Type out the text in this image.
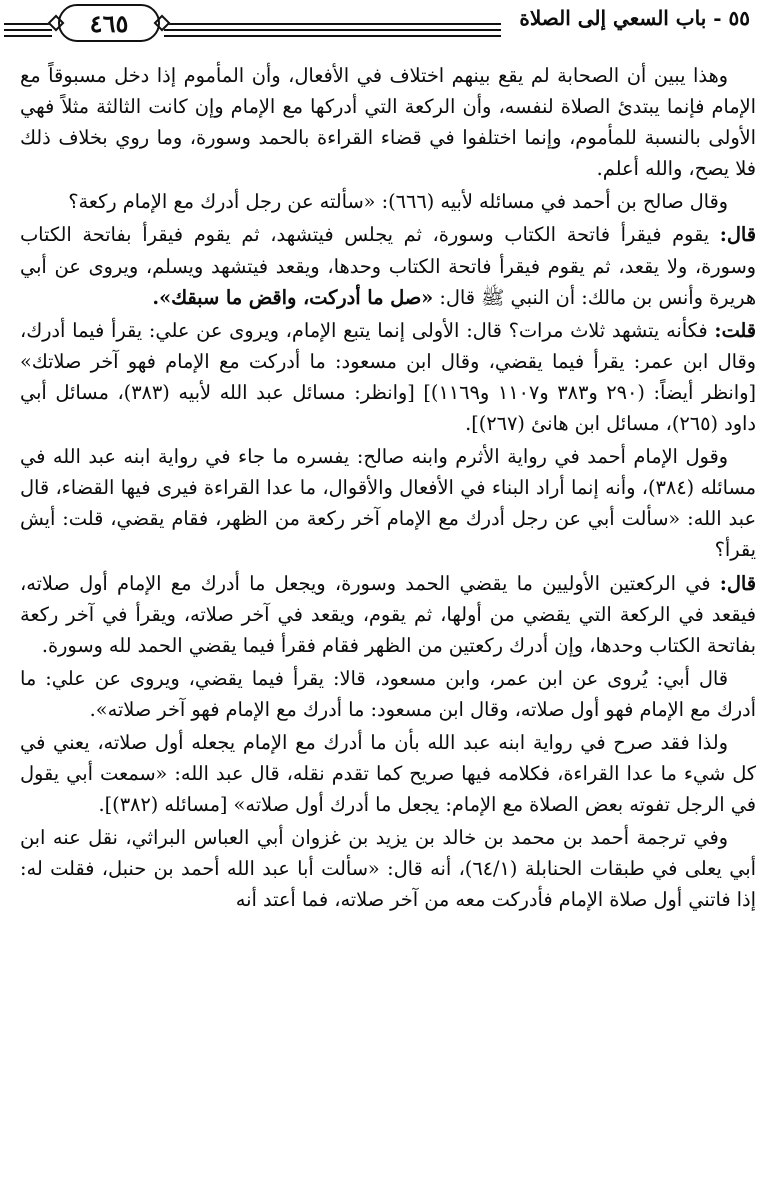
٥٥ - باب السعي إلى الصلاة
٤٦٥

وهذا يبين أن الصحابة لم يقع بينهم اختلاف في الأفعال، وأن المأموم إذا دخل مسبوقاً مع الإمام فإنما يبتدئ الصلاة لنفسه، وأن الركعة التي أدركها مع الإمام وإن كانت الثالثة مثلاً فهي الأولى بالنسبة للمأموم، وإنما اختلفوا في قضاء القراءة بالحمد وسورة، وما روي بخلاف ذلك فلا يصح، والله أعلم.

وقال صالح بن أحمد في مسائله لأبيه (٦٦٦): «سألته عن رجل أدرك مع الإمام ركعة؟

قال: يقوم فيقرأ فاتحة الكتاب وسورة، ثم يجلس فيتشهد، ثم يقوم فيقرأ بفاتحة الكتاب وسورة، ولا يقعد، ثم يقوم فيقرأ فاتحة الكتاب وحدها، ويقعد فيتشهد ويسلم، ويروى عن أبي هريرة وأنس بن مالك: أن النبي ﷺ قال: «صل ما أدركت، واقض ما سبقك».

قلت: فكأنه يتشهد ثلاث مرات؟ قال: الأولى إنما يتبع الإمام، ويروى عن علي: يقرأ فيما أدرك، وقال ابن عمر: يقرأ فيما يقضي، وقال ابن مسعود: ما أدركت مع الإمام فهو آخر صلاتك» [وانظر أيضاً: (٢٩٠ و٣٨٣ و١١٠٧ و١١٦٩)] [وانظر: مسائل عبد الله لأبيه (٣٨٣)، مسائل أبي داود (٢٦٥)، مسائل ابن هانئ (٢٦٧)].

وقول الإمام أحمد في رواية الأثرم وابنه صالح: يفسره ما جاء في رواية ابنه عبد الله في مسائله (٣٨٤)، وأنه إنما أراد البناء في الأفعال والأقوال، ما عدا القراءة فيرى فيها القضاء، قال عبد الله: «سألت أبي عن رجل أدرك مع الإمام آخر ركعة من الظهر، فقام يقضي، قلت: أيش يقرأ؟

قال: في الركعتين الأوليين ما يقضي الحمد وسورة، ويجعل ما أدرك مع الإمام أول صلاته، فيقعد في الركعة التي يقضي من أولها، ثم يقوم، ويقعد في آخر صلاته، ويقرأ في آخر ركعة بفاتحة الكتاب وحدها، وإن أدرك ركعتين من الظهر فقام فقرأ فيما يقضي الحمد لله وسورة.

قال أبي: يُروى عن ابن عمر، وابن مسعود، قالا: يقرأ فيما يقضي، ويروى عن علي: ما أدرك مع الإمام فهو أول صلاته، وقال ابن مسعود: ما أدرك مع الإمام فهو آخر صلاته».

ولذا فقد صرح في رواية ابنه عبد الله بأن ما أدرك مع الإمام يجعله أول صلاته، يعني في كل شيء ما عدا القراءة، فكلامه فيها صريح كما تقدم نقله، قال عبد الله: «سمعت أبي يقول في الرجل تفوته بعض الصلاة مع الإمام: يجعل ما أدرك أول صلاته» [مسائله (٣٨٢)].

وفي ترجمة أحمد بن محمد بن خالد بن يزيد بن غزوان أبي العباس البراثي، نقل عنه ابن أبي يعلى في طبقات الحنابلة (٦٤/١)، أنه قال: «سألت أبا عبد الله أحمد بن حنبل، فقلت له: إذا فاتني أول صلاة الإمام فأدركت معه من آخر صلاته، فما أعتد أنه
